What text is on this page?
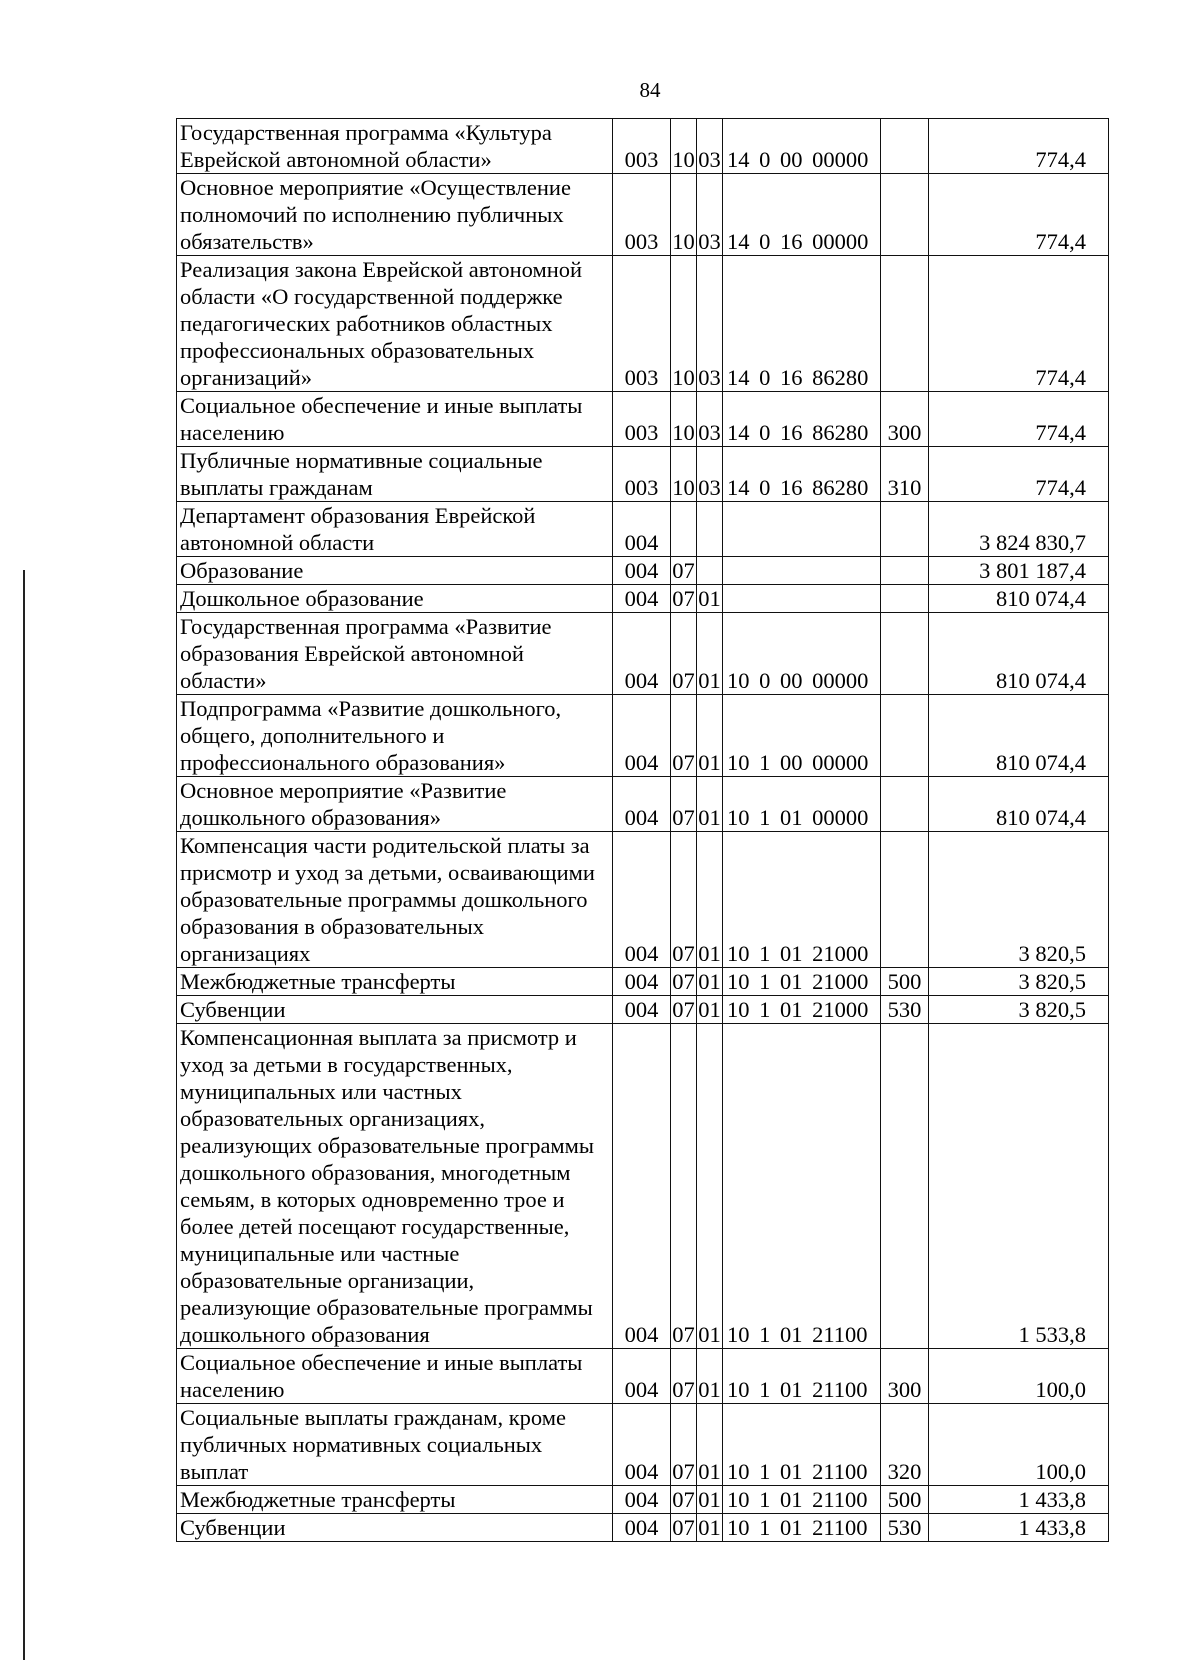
84
Государственная программа «Культура Еврейской автономной области»	003	10	03	14 0 00 00000		774,4
Основное мероприятие «Осуществление полномочий по исполнению публичных обязательств»	003	10	03	14 0 16 00000		774,4
Реализация закона Еврейской автономной области «О государственной поддержке педагогических работников областных профессиональных образовательных организаций»	003	10	03	14 0 16 86280		774,4
Социальное обеспечение и иные выплаты населению	003	10	03	14 0 16 86280	300	774,4
Публичные нормативные социальные выплаты гражданам	003	10	03	14 0 16 86280	310	774,4
Департамент образования Еврейской автономной области	004					3 824 830,7
Образование	004	07				3 801 187,4
Дошкольное образование	004	07	01			810 074,4
Государственная программа «Развитие образования Еврейской автономной области»	004	07	01	10 0 00 00000		810 074,4
Подпрограмма «Развитие дошкольного, общего, дополнительного и профессионального образования»	004	07	01	10 1 00 00000		810 074,4
Основное мероприятие «Развитие дошкольного образования»	004	07	01	10 1 01 00000		810 074,4
Компенсация части родительской платы за присмотр и уход за детьми, осваивающими образовательные программы дошкольного образования в образовательных организациях	004	07	01	10 1 01 21000		3 820,5
Межбюджетные трансферты	004	07	01	10 1 01 21000	500	3 820,5
Субвенции	004	07	01	10 1 01 21000	530	3 820,5
Компенсационная выплата за присмотр и уход за детьми в государственных, муниципальных или частных образовательных организациях, реализующих образовательные программы дошкольного образования, многодетным семьям, в которых одновременно трое и более детей посещают государственные, муниципальные или частные образовательные организации, реализующие образовательные программы дошкольного образования	004	07	01	10 1 01 21100		1 533,8
Социальное обеспечение и иные выплаты населению	004	07	01	10 1 01 21100	300	100,0
Социальные выплаты гражданам, кроме публичных нормативных социальных выплат	004	07	01	10 1 01 21100	320	100,0
Межбюджетные трансферты	004	07	01	10 1 01 21100	500	1 433,8
Субвенции	004	07	01	10 1 01 21100	530	1 433,8
